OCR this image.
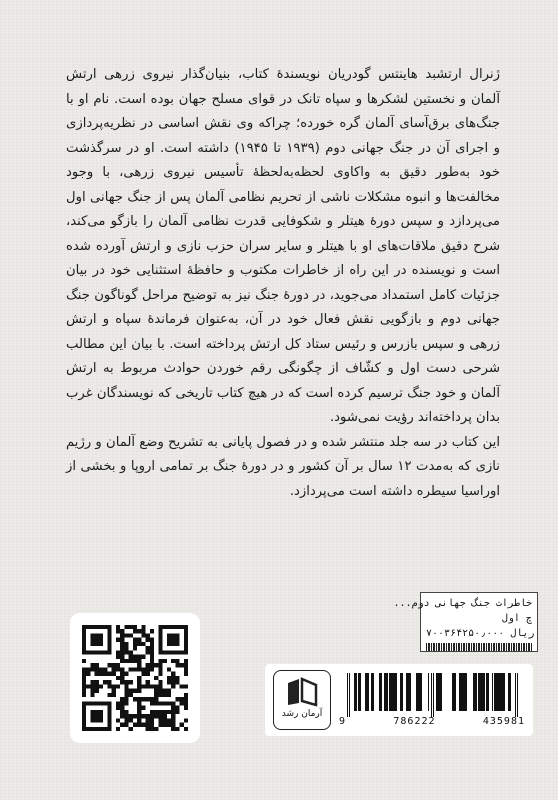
ژنرال ارتشبد هاینتس گودریان نویسندهٔ کتاب، بنیان‌گذار نیروی زرهی ارتش آلمان و نخستین لشکرها و سپاه تانک در قوای مسلح جهان بوده است. نام او با جنگ‌های برق‌آسای آلمان گره خورده؛ چراکه وی نقش اساسی در نظریه‌پردازی و اجرای آن در جنگ جهانی دوم (۱۹۳۹ تا ۱۹۴۵) داشته است. او در سرگذشت خود به‌طور دقیق به واکاوی لحظه‌به‌لحظهٔ تأسیس نیروی زرهی، با وجود مخالفت‌ها و انبوه مشکلات ناشی از تحریم نظامی آلمان پس از جنگ جهانی اول می‌پردازد و سپس دورهٔ هیتلر و شکوفایی قدرت نظامی آلمان را بازگو می‌کند، شرح دقیق ملاقات‌های او با هیتلر و سایر سران حزب نازی و ارتش آورده شده است و نویسنده در این راه از خاطرات مکتوب و حافظهٔ استثنایی خود در بیان جزئیات کامل استمداد می‌جوید، در دورهٔ جنگ نیز به توضیح مراحل گوناگون جنگ جهانی دوم و بازگویی نقش فعال خود در آن، به‌عنوان فرماندهٔ سپاه و ارتش زرهی و سپس بازرس و رئیس ستاد کل ارتش پرداخته است. با بیان این مطالب شرحی دست اول و کشّاف از چگونگی رقم خوردن حوادث مربوط به ارتش آلمان و خود جنگ ترسیم کرده است که در هیچ کتاب تاریخی که نویسندگان غرب بدان پرداخته‌اند رؤیت نمی‌شود.

این کتاب در سه جلد منتشر شده و در فصول پایانی به تشریح وضع آلمان و رژیم نازی که به‌مدت ۱۲ سال بر آن کشور و در دورهٔ جنگ بر تمامی اروپا و بخشی از اوراسیا سیطره داشته است می‌پردازد.

خاطرات جنگ جهانی دوم...
چ اول
۷۰۰۳۶۴ ۲۵۰٫۰۰۰ ریال
آرمان رشد
9	786222	435981
